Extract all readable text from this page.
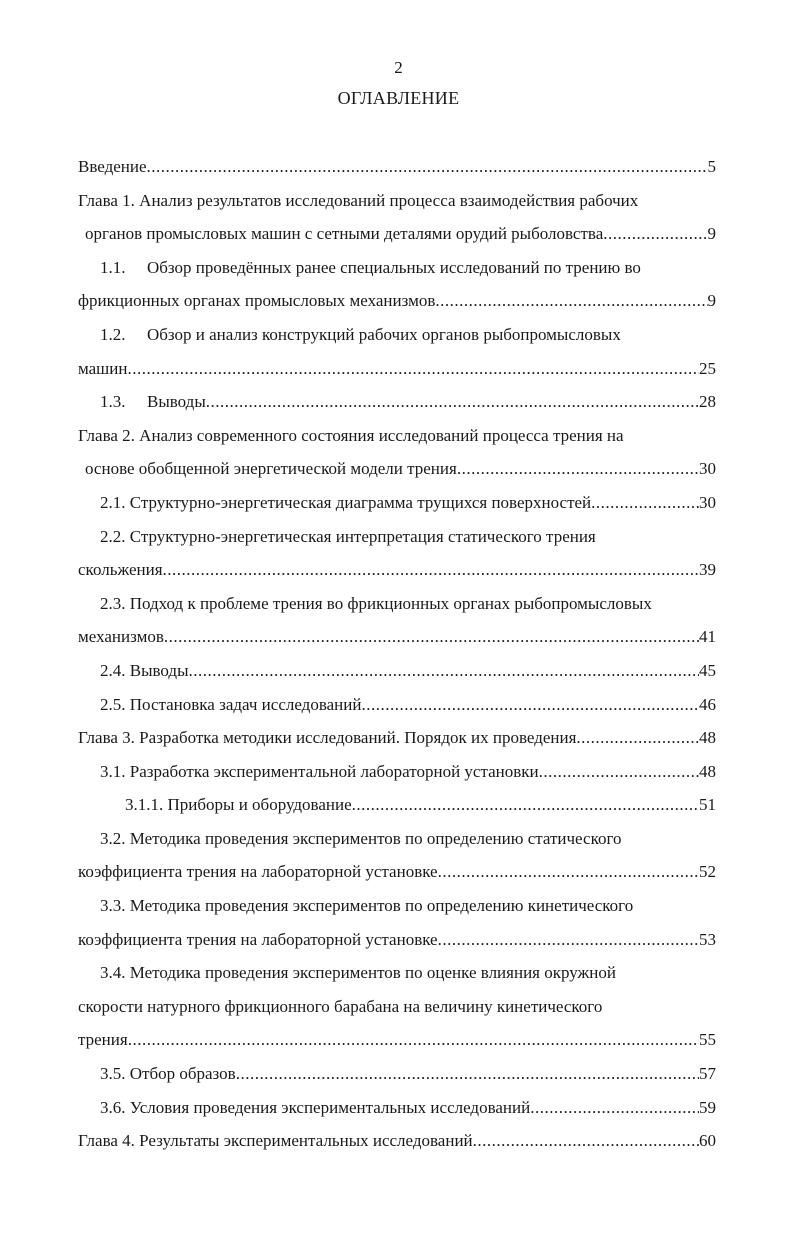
2
ОГЛАВЛЕНИЕ
Введение .....	5
Глава 1. Анализ результатов исследований процесса взаимодействия рабочих
органов промысловых машин с сетными деталями орудий рыболовства .....	9
1.1. Обзор проведённых ранее специальных исследований по трению во
фрикционных органах промысловых механизмов .....	9
1.2. Обзор и анализ конструкций рабочих органов рыбопромысловых
машин .....	25
1.3. Выводы .....	28
Глава 2. Анализ современного состояния исследований процесса трения на
основе обобщенной энергетической модели трения .....	30
2.1. Структурно-энергетическая диаграмма трущихся поверхностей .....	30
2.2. Структурно-энергетическая интерпретация статического трения
скольжения .....	39
2.3. Подход к проблеме трения во фрикционных органах рыбопромысловых
механизмов .....	41
2.4. Выводы .....	45
2.5. Постановка задач исследований .....	46
Глава 3. Разработка методики исследований. Порядок их проведения .....	48
3.1. Разработка экспериментальной лабораторной установки .....	48
3.1.1. Приборы и оборудование .....	51
3.2. Методика проведения экспериментов по определению статического
коэффициента трения на лабораторной установке .....	52
3.3. Методика проведения экспериментов по определению кинетического
коэффициента трения на лабораторной установке .....	53
3.4. Методика проведения экспериментов по оценке влияния окружной
скорости натурного фрикционного барабана на величину кинетического
трения .....	55
3.5. Отбор образов .....	57
3.6. Условия проведения экспериментальных исследований .....	59
Глава 4. Результаты экспериментальных исследований .....	60
